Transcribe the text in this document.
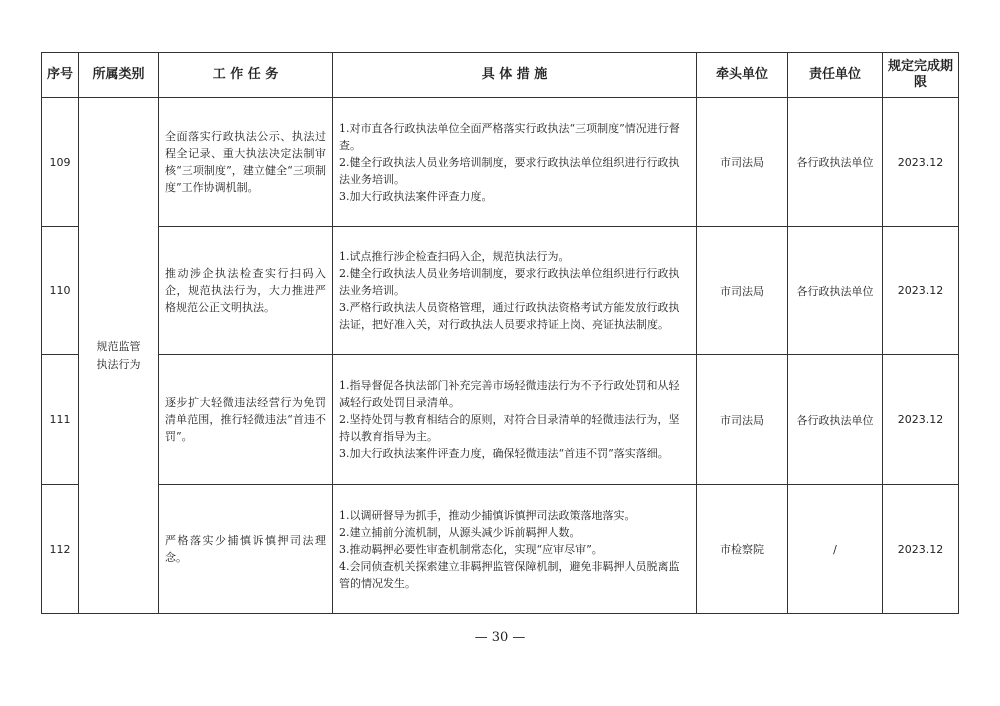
序号	所属类别	工 作 任 务	具 体 措 施	牵头单位	责任单位	规定完成期限
109	规范监管执法行为	全面落实行政执法公示、执法过程全记录、重大执法决定法制审核“三项制度”，建立健全“三项制度”工作协调机制。	1.对市直各行政执法单位全面严格落实行政执法“三项制度”情况进行督查。
2.健全行政执法人员业务培训制度，要求行政执法单位组织进行行政执法业务培训。
3.加大行政执法案件评查力度。	市司法局	各行政执法单位	2023.12
110		推动涉企执法检查实行扫码入企，规范执法行为，大力推进严格规范公正文明执法。	1.试点推行涉企检查扫码入企，规范执法行为。
2.健全行政执法人员业务培训制度，要求行政执法单位组织进行行政执法业务培训。
3.严格行政执法人员资格管理，通过行政执法资格考试方能发放行政执法证，把好准入关，对行政执法人员要求持证上岗、亮证执法制度。	市司法局	各行政执法单位	2023.12
111		逐步扩大轻微违法经营行为免罚清单范围，推行轻微违法“首违不罚”。	1.指导督促各执法部门补充完善市场轻微违法行为不予行政处罚和从轻减轻行政处罚目录清单。
2.坚持处罚与教育相结合的原则，对符合目录清单的轻微违法行为，坚持以教育指导为主。
3.加大行政执法案件评查力度，确保轻微违法“首违不罚”落实落细。	市司法局	各行政执法单位	2023.12
112		严格落实少捕慎诉慎押司法理念。	1.以调研督导为抓手，推动少捕慎诉慎押司法政策落地落实。
2.建立捕前分流机制，从源头减少诉前羁押人数。
3.推动羁押必要性审查机制常态化，实现“应审尽审”。
4.会同侦查机关探索建立非羁押监管保障机制，避免非羁押人员脱离监管的情况发生。	市检察院	/	2023.12
— 30 —
